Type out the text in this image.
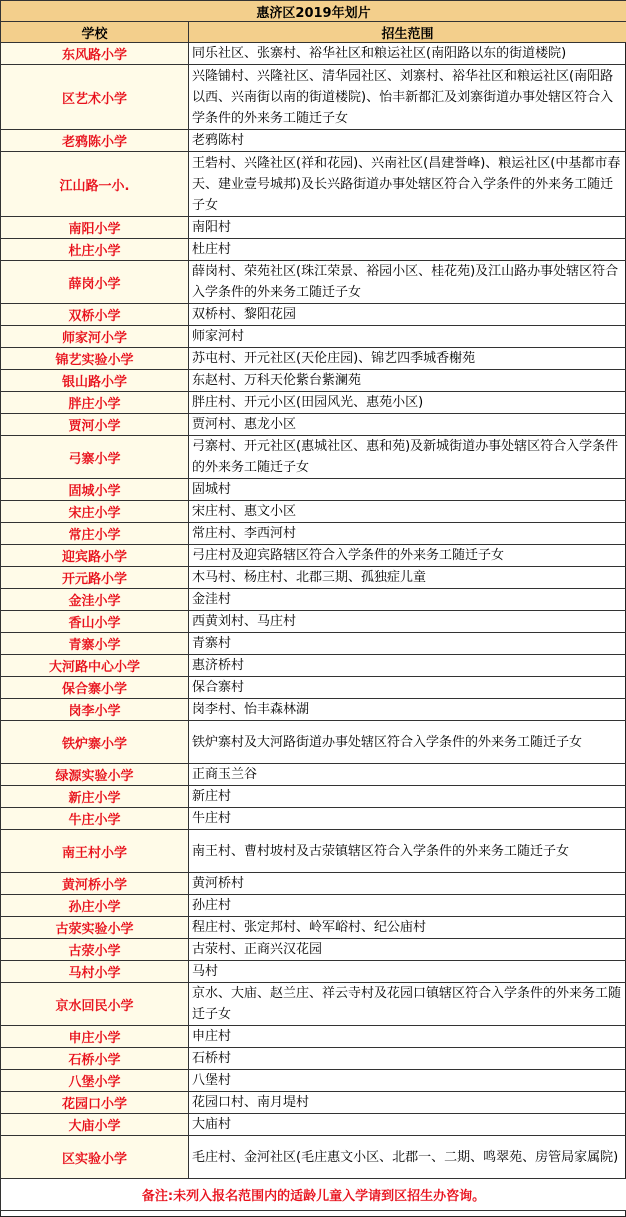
惠济区2019年划片	
学校	招生范围
东风路小学	同乐社区、张寨村、裕华社区和粮运社区(南阳路以东的街道楼院)
区艺术小学	兴隆铺村、兴隆社区、清华园社区、刘寨村、裕华社区和粮运社区(南阳路以西、兴南街以南的街道楼院)、怡丰新都汇及刘寨街道办事处辖区符合入学条件的外来务工随迁子女
老鸦陈小学	老鸦陈村
江山路一小.	王砦村、兴隆社区(祥和花园)、兴南社区(昌建誉峰)、粮运社区(中基都市春天、建业壹号城邦)及长兴路街道办事处辖区符合入学条件的外来务工随迁子女
南阳小学	南阳村
杜庄小学	杜庄村
薛岗小学	薛岗村、荣苑社区(珠江荣景、裕园小区、桂花苑)及江山路办事处辖区符合入学条件的外来务工随迁子女
双桥小学	双桥村、黎阳花园
师家河小学	师家河村
锦艺实验小学	苏屯村、开元社区(天伦庄园)、锦艺四季城香榭苑
银山路小学	东赵村、万科天伦紫台紫澜苑
胖庄小学	胖庄村、开元小区(田园风光、惠苑小区)
贾河小学	贾河村、惠龙小区
弓寨小学	弓寨村、开元社区(惠城社区、惠和苑)及新城街道办事处辖区符合入学条件的外来务工随迁子女
固城小学	固城村
宋庄小学	宋庄村、惠文小区
常庄小学	常庄村、李西河村
迎宾路小学	弓庄村及迎宾路辖区符合入学条件的外来务工随迁子女
开元路小学	木马村、杨庄村、北郡三期、孤独症儿童
金洼小学	金洼村
香山小学	西黄刘村、马庄村
青寨小学	青寨村
大河路中心小学	惠济桥村
保合寨小学	保合寨村
岗李小学	岗李村、怡丰森林湖
铁炉寨小学	铁炉寨村及大河路街道办事处辖区符合入学条件的外来务工随迁子女
绿源实验小学	正商玉兰谷
新庄小学	新庄村
牛庄小学	牛庄村
南王村小学	南王村、曹村坡村及古荥镇辖区符合入学条件的外来务工随迁子女
黄河桥小学	黄河桥村
孙庄小学	孙庄村
古荥实验小学	程庄村、张定邦村、岭军峪村、纪公庙村
古荥小学	古荥村、正商兴汉花园
马村小学	马村
京水回民小学	京水、大庙、赵兰庄、祥云寺村及花园口镇辖区符合入学条件的外来务工随迁子女
申庄小学	申庄村
石桥小学	石桥村
八堡小学	八堡村
花园口小学	花园口村、南月堤村
大庙小学	大庙村
区实验小学	毛庄村、金河社区(毛庄惠文小区、北郡一、二期、鸣翠苑、房管局家属院)
备注:未列入报名范围内的适龄儿童入学请到区招生办咨询。	
